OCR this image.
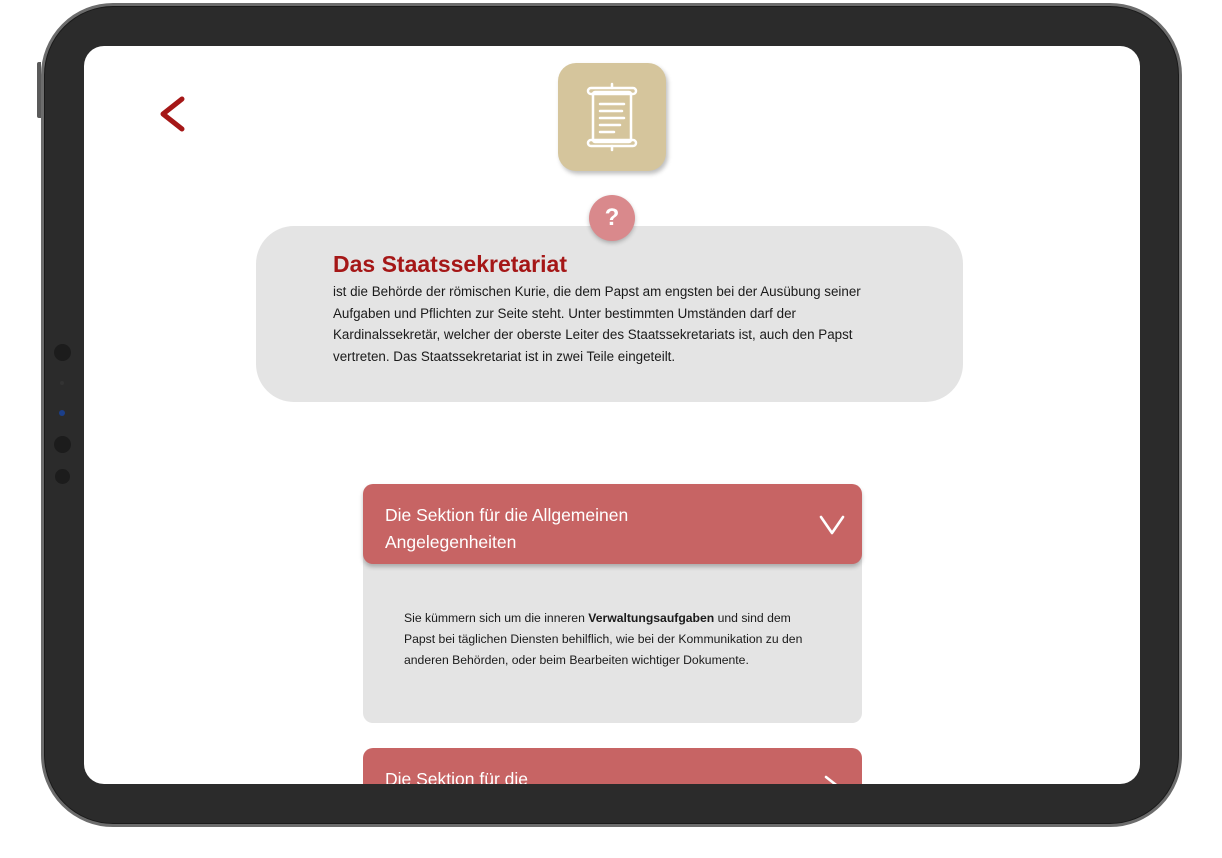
?
Das Staatssekretariat
ist die Behörde der römischen Kurie, die dem Papst am engsten bei der Ausübung seiner Aufgaben und Pflichten zur Seite steht. Unter bestimmten Umständen darf der Kardinalssekretär, welcher der oberste Leiter des Staatssekretariats ist, auch den Papst vertreten. Das Staatssekretariat ist in zwei Teile eingeteilt.
Die Sektion für die Allgemeinen Angelegenheiten
Sie kümmern sich um die inneren Verwaltungsaufgaben und sind dem Papst bei täglichen Diensten behilflich, wie bei der Kommunikation zu den anderen Behörden, oder beim Bearbeiten wichtiger Dokumente.
Die Sektion für die
